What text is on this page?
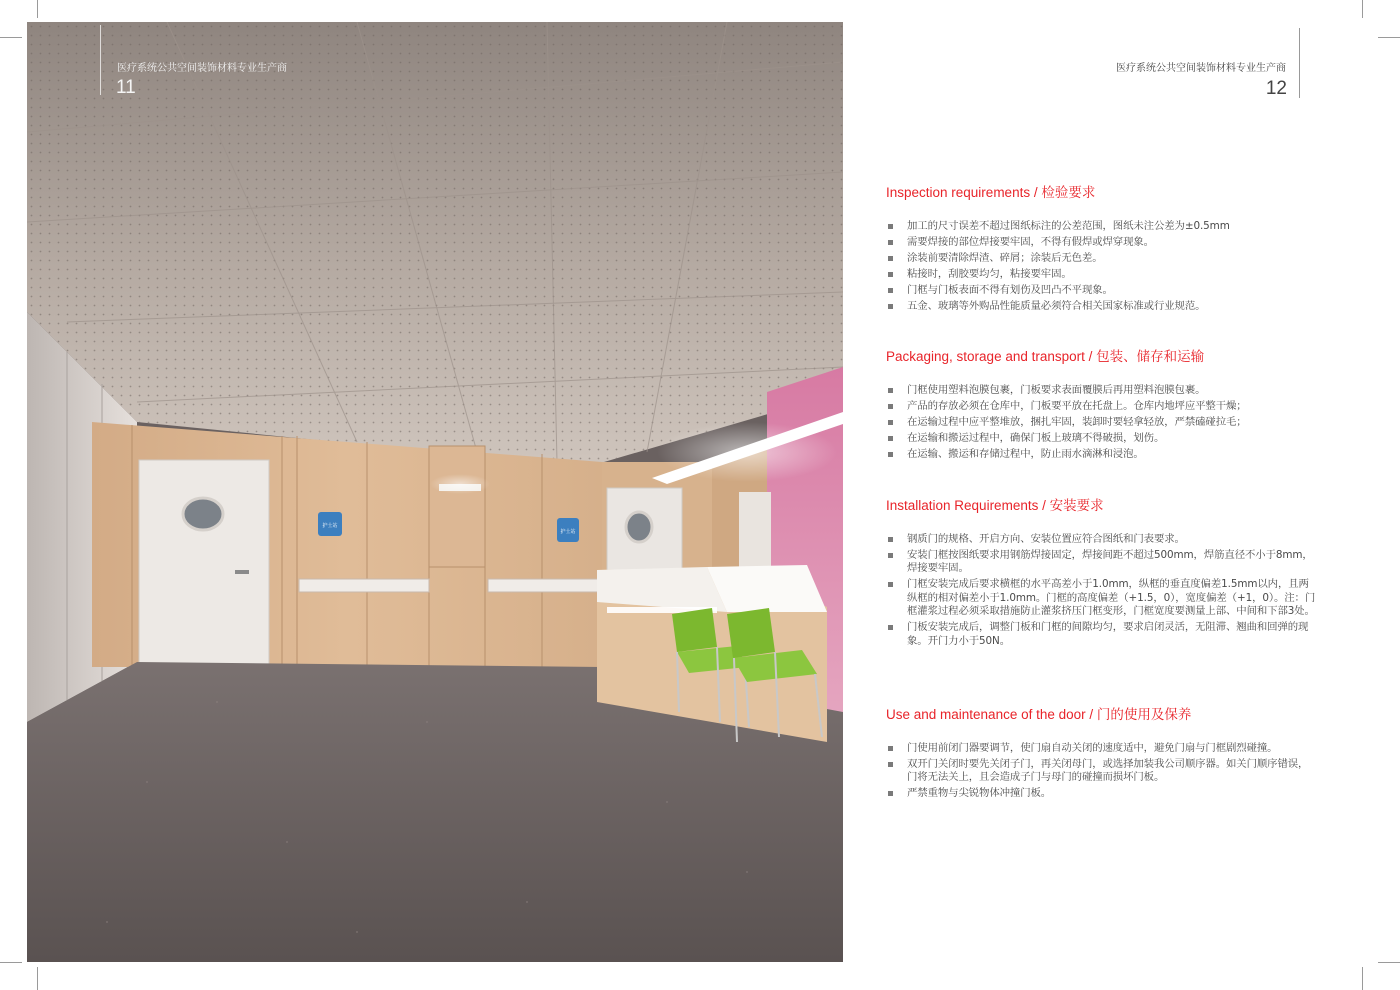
护士站
护士站
医疗系统公共空间装饰材料专业生产商
11
医疗系统公共空间装饰材料专业生产商
12
Inspection requirements / 检验要求
加工的尺寸误差不超过图纸标注的公差范围，图纸未注公差为±0.5mm
需要焊接的部位焊接要牢固，不得有假焊或焊穿现象。
涂装前要清除焊渣、碎屑；涂装后无色差。
粘接时，刮胶要均匀，粘接要牢固。
门框与门板表面不得有划伤及凹凸不平现象。
五金、玻璃等外购品性能质量必须符合相关国家标准或行业规范。
Packaging, storage and transport / 包装、储存和运输
门框使用塑料泡膜包裹，门板要求表面覆膜后再用塑料泡膜包裹。
产品的存放必须在仓库中，门板要平放在托盘上。仓库内地坪应平整干燥；
在运输过程中应平整堆放，捆扎牢固，装卸时要轻拿轻放，严禁磕碰拉毛；
在运输和搬运过程中，确保门板上玻璃不得破损，划伤。
在运输、搬运和存储过程中，防止雨水滴淋和浸泡。
Installation Requirements / 安装要求
钢质门的规格、开启方向、安装位置应符合图纸和门表要求。
安装门框按图纸要求用钢筋焊接固定，焊接间距不超过500mm，焊筋直径不小于8mm，焊接要牢固。
门框安装完成后要求横框的水平高差小于1.0mm，纵框的垂直度偏差1.5mm以内，且两纵框的相对偏差小于1.0mm。门框的高度偏差（+1.5，0），宽度偏差（+1，0）。注：门框灌浆过程必须采取措施防止灌浆挤压门框变形，门框宽度要测量上部、中间和下部3处。
门板安装完成后，调整门板和门框的间隙均匀，要求启闭灵活，无阻滞、翘曲和回弹的现象。开门力小于50N。
Use and maintenance of the door / 门的使用及保养
门使用前闭门器要调节，使门扇自动关闭的速度适中，避免门扇与门框剧烈碰撞。
双开门关闭时要先关闭子门，再关闭母门，或选择加装我公司顺序器。如关门顺序错误，门将无法关上，且会造成子门与母门的碰撞而损坏门板。
严禁重物与尖锐物体冲撞门板。
